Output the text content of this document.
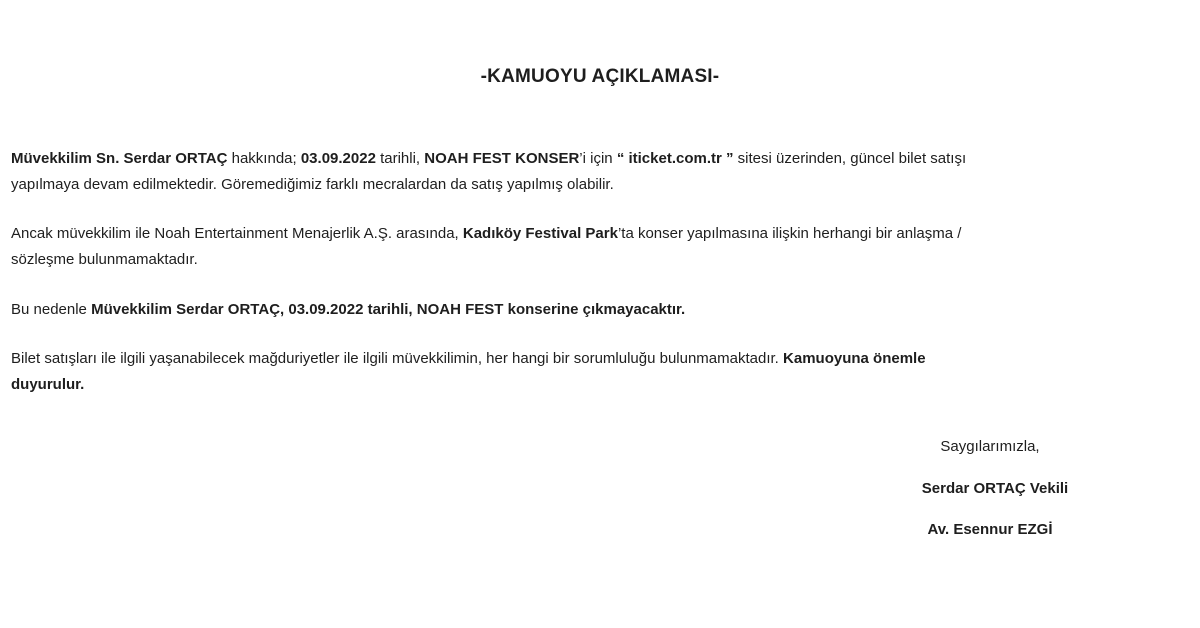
-KAMUOYU AÇIKLAMASI-

Müvekkilim Sn. Serdar ORTAÇ hakkında; 03.09.2022 tarihli, NOAH FEST KONSER’i için “ iticket.com.tr ” sitesi üzerinden, güncel bilet satışı
yapılmaya devam edilmektedir. Göremediğimiz farklı mecralardan da satış yapılmış olabilir.

Ancak müvekkilim ile Noah Entertainment Menajerlik A.Ş. arasında, Kadıköy Festival Park’ta konser yapılmasına ilişkin herhangi bir anlaşma /
sözleşme bulunmamaktadır.

Bu nedenle Müvekkilim Serdar ORTAÇ, 03.09.2022 tarihli, NOAH FEST konserine çıkmayacaktır.

Bilet satışları ile ilgili yaşanabilecek mağduriyetler ile ilgili müvekkilimin, her hangi bir sorumluluğu bulunmamaktadır. Kamuoyuna önemle
duyurulur.

Saygılarımızla,
Serdar ORTAÇ Vekili
Av. Esennur EZGİ
